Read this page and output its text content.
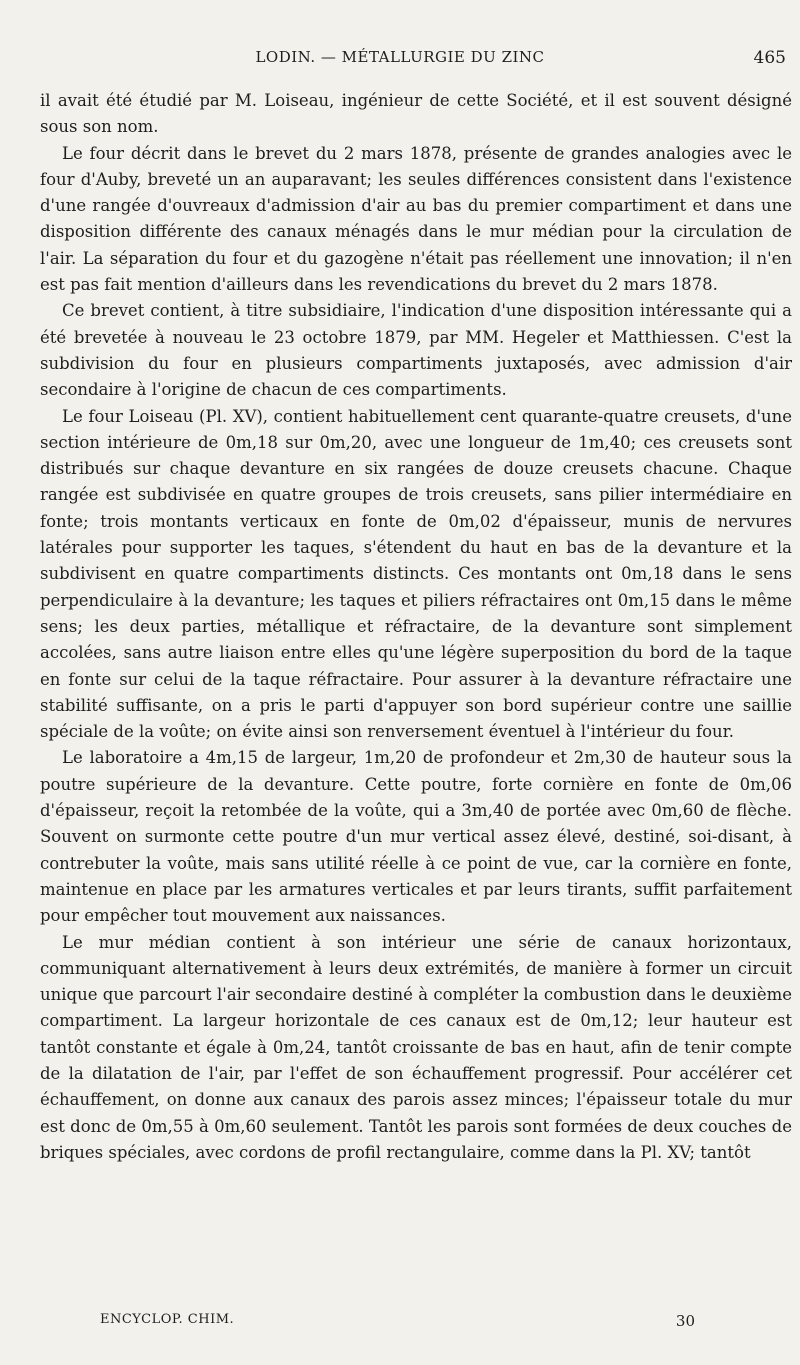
LODIN. — MÉTALLURGIE DU ZINC	465

il avait été étudié par M. Loiseau, ingénieur de cette Société, et il est souvent désigné sous son nom.

Le four décrit dans le brevet du 2 mars 1878, présente de grandes analogies avec le four d'Auby, breveté un an auparavant; les seules différences consistent dans l'existence d'une rangée d'ouvreaux d'admission d'air au bas du premier compartiment et dans une disposition différente des canaux ménagés dans le mur médian pour la circulation de l'air. La séparation du four et du gazogène n'était pas réellement une innovation; il n'en est pas fait mention d'ailleurs dans les revendications du brevet du 2 mars 1878.

Ce brevet contient, à titre subsidiaire, l'indication d'une disposition intéressante qui a été brevetée à nouveau le 23 octobre 1879, par MM. Hegeler et Matthiessen. C'est la subdivision du four en plusieurs compartiments juxtaposés, avec admission d'air secondaire à l'origine de chacun de ces compartiments.

Le four Loiseau (Pl. XV), contient habituellement cent quarante-quatre creusets, d'une section intérieure de 0m,18 sur 0m,20, avec une longueur de 1m,40; ces creusets sont distribués sur chaque devanture en six rangées de douze creusets chacune. Chaque rangée est subdivisée en quatre groupes de trois creusets, sans pilier intermédiaire en fonte; trois montants verticaux en fonte de 0m,02 d'épaisseur, munis de nervures latérales pour supporter les taques, s'étendent du haut en bas de la devanture et la subdivisent en quatre compartiments distincts. Ces montants ont 0m,18 dans le sens perpendiculaire à la devanture; les taques et piliers réfractaires ont 0m,15 dans le même sens; les deux parties, métallique et réfractaire, de la devanture sont simplement accolées, sans autre liaison entre elles qu'une légère superposition du bord de la taque en fonte sur celui de la taque réfractaire. Pour assurer à la devanture réfractaire une stabilité suffisante, on a pris le parti d'appuyer son bord supérieur contre une saillie spéciale de la voûte; on évite ainsi son renversement éventuel à l'intérieur du four.

Le laboratoire a 4m,15 de largeur, 1m,20 de profondeur et 2m,30 de hauteur sous la poutre supérieure de la devanture. Cette poutre, forte cornière en fonte de 0m,06 d'épaisseur, reçoit la retombée de la voûte, qui a 3m,40 de portée avec 0m,60 de flèche. Souvent on surmonte cette poutre d'un mur vertical assez élevé, destiné, soi-disant, à contrebuter la voûte, mais sans utilité réelle à ce point de vue, car la cornière en fonte, maintenue en place par les armatures verticales et par leurs tirants, suffit parfaitement pour empêcher tout mouvement aux naissances.

Le mur médian contient à son intérieur une série de canaux horizontaux, communiquant alternativement à leurs deux extrémités, de manière à former un circuit unique que parcourt l'air secondaire destiné à compléter la combustion dans le deuxième compartiment. La largeur horizontale de ces canaux est de 0m,12; leur hauteur est tantôt constante et égale à 0m,24, tantôt croissante de bas en haut, afin de tenir compte de la dilatation de l'air, par l'effet de son échauffement progressif. Pour accélérer cet échauffement, on donne aux canaux des parois assez minces; l'épaisseur totale du mur est donc de 0m,55 à 0m,60 seulement. Tantôt les parois sont formées de deux couches de briques spéciales, avec cordons de profil rectangulaire, comme dans la Pl. XV; tantôt

ENCYCLOP. CHIM.	30
